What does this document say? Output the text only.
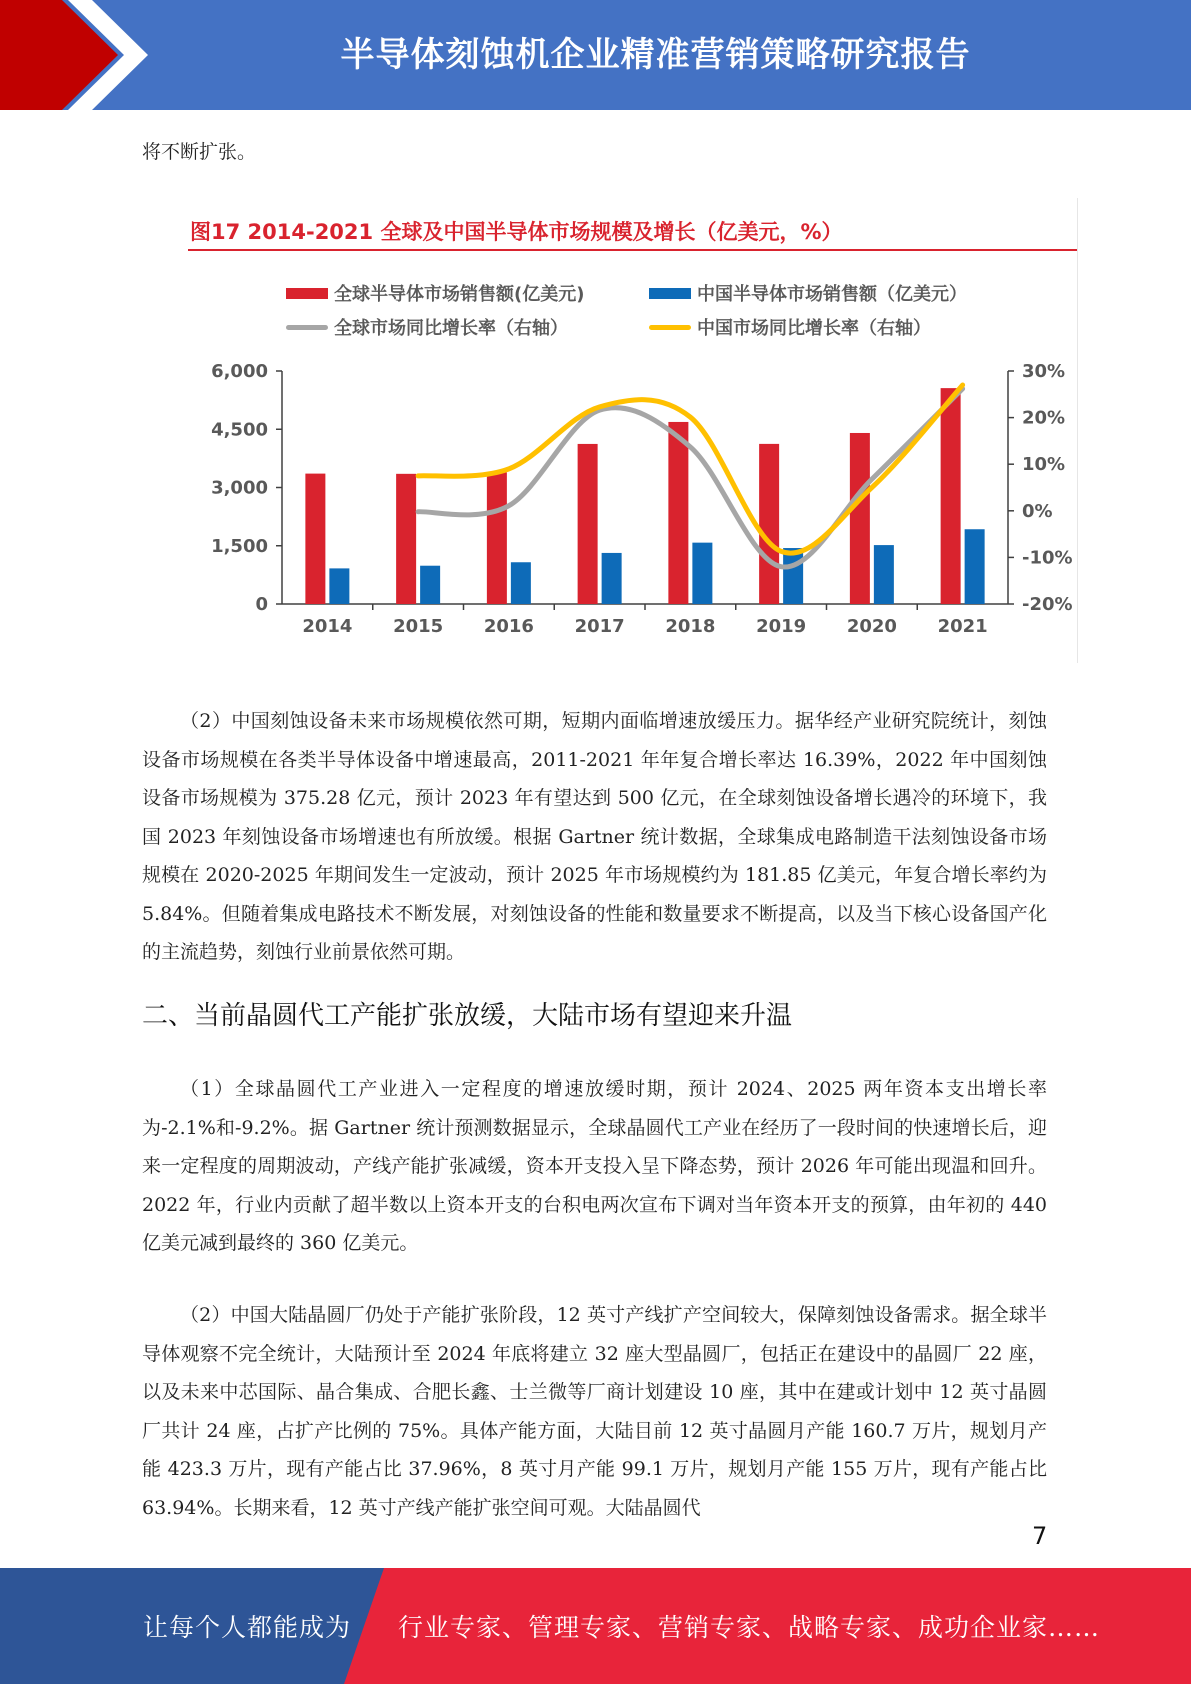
半导体刻蚀机企业精准营销策略研究报告

将不断扩张。

图17 2014-2021 全球及中国半导体市场规模及增长（亿美元，%）

全球半导体市场销售额(亿美元)	中国半导体市场销售额（亿美元）
全球市场同比增长率（右轴）	中国市场同比增长率（右轴）
6,000
4,500
3,000
1,500
0
30%
20%
10%
0%
-10%
-20%
2014 2015 2016 2017 2018 2019 2020 2021

（2）中国刻蚀设备未来市场规模依然可期，短期内面临增速放缓压力。据华经产业研究院统计，刻蚀设备市场规模在各类半导体设备中增速最高，2011-2021 年年复合增长率达 16.39%，2022 年中国刻蚀设备市场规模为 375.28 亿元，预计 2023 年有望达到 500 亿元，在全球刻蚀设备增长遇冷的环境下，我国 2023 年刻蚀设备市场增速也有所放缓。根据 Gartner 统计数据，全球集成电路制造干法刻蚀设备市场规模在 2020-2025 年期间发生一定波动，预计 2025 年市场规模约为 181.85 亿美元，年复合增长率约为 5.84%。但随着集成电路技术不断发展，对刻蚀设备的性能和数量要求不断提高，以及当下核心设备国产化的主流趋势，刻蚀行业前景依然可期。

二、当前晶圆代工产能扩张放缓，大陆市场有望迎来升温

（1）全球晶圆代工产业进入一定程度的增速放缓时期，预计 2024、2025 两年资本支出增长率为-2.1%和-9.2%。据 Gartner 统计预测数据显示，全球晶圆代工产业在经历了一段时间的快速增长后，迎来一定程度的周期波动，产线产能扩张减缓，资本开支投入呈下降态势，预计 2026 年可能出现温和回升。2022 年，行业内贡献了超半数以上资本开支的台积电两次宣布下调对当年资本开支的预算，由年初的 440 亿美元减到最终的 360 亿美元。

（2）中国大陆晶圆厂仍处于产能扩张阶段，12 英寸产线扩产空间较大，保障刻蚀设备需求。据全球半导体观察不完全统计，大陆预计至 2024 年底将建立 32 座大型晶圆厂，包括正在建设中的晶圆厂 22 座，以及未来中芯国际、晶合集成、合肥长鑫、士兰微等厂商计划建设 10 座，其中在建或计划中 12 英寸晶圆厂共计 24 座，占扩产比例的 75%。具体产能方面，大陆目前 12 英寸晶圆月产能 160.7 万片，规划月产能 423.3 万片，现有产能占比 37.96%，8 英寸月产能 99.1 万片，规划月产能 155 万片，现有产能占比 63.94%。长期来看，12 英寸产线产能扩张空间可观。大陆晶圆代

7
让每个人都能成为 行业专家、管理专家、营销专家、战略专家、成功企业家……
